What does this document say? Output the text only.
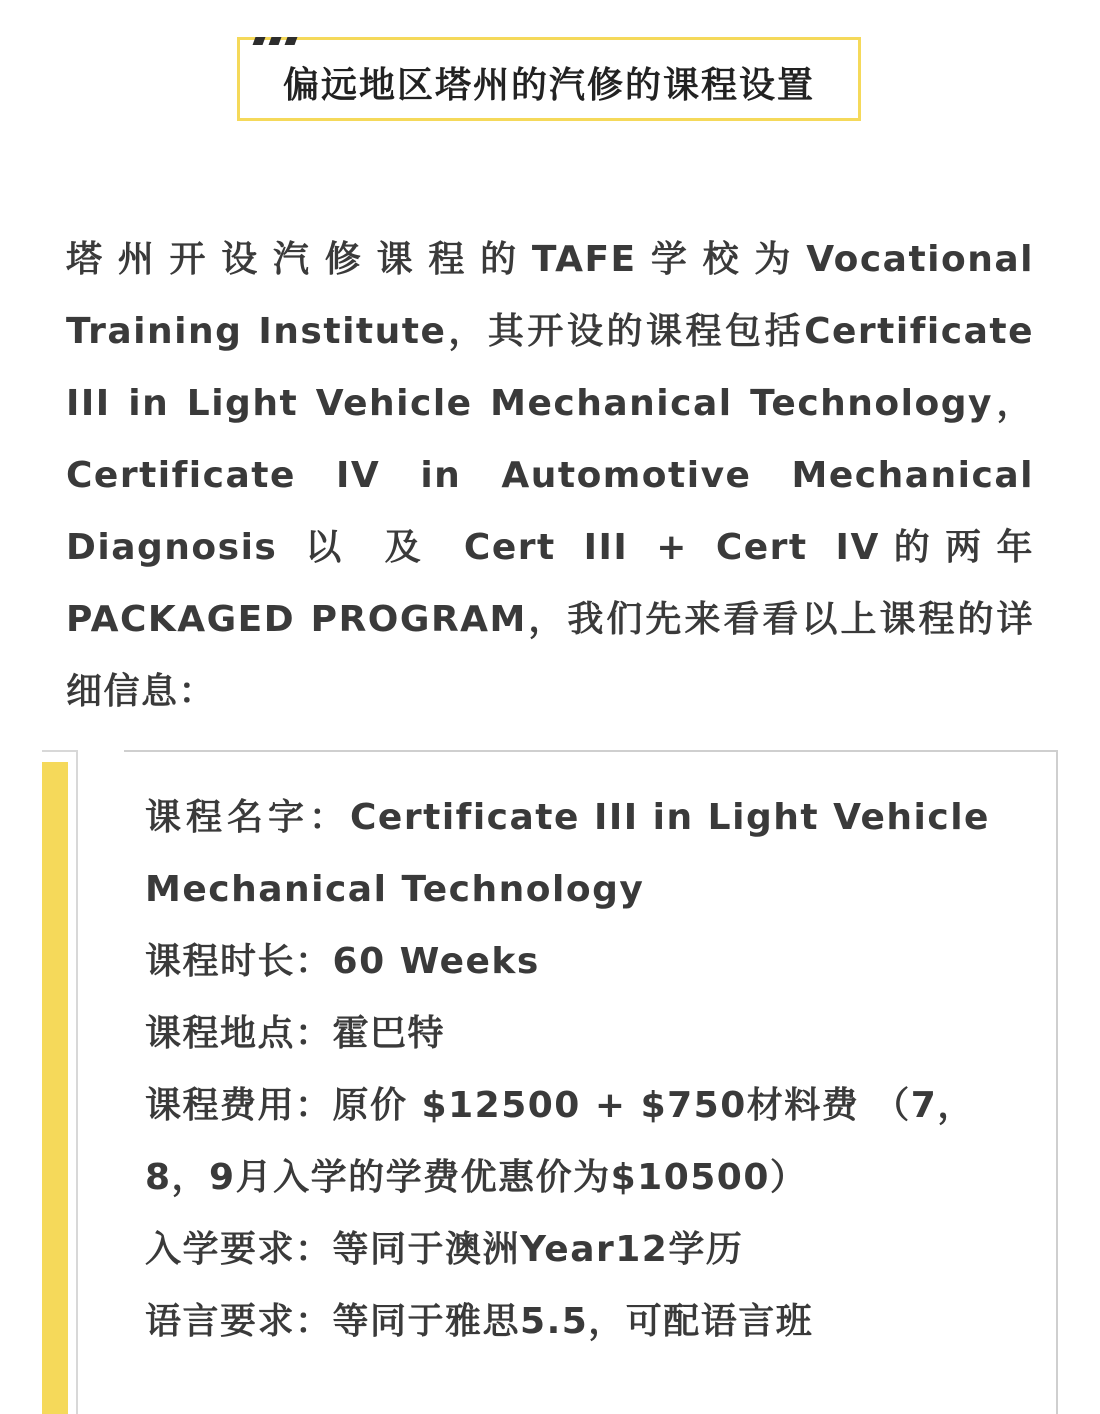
偏远地区塔州的汽修的课程设置
塔州开设汽修课程的TAFE学校为Vocational Training Institute，其开设的课程包括Certificate III in Light Vehicle Mechanical Technology， Certificate IV in Automotive Mechanical Diagnosis 以 及 Cert III + Cert IV的两年PACKAGED PROGRAM，我们先来看看以上课程的详细信息：
课程名字：Certificate III in Light Vehicle Mechanical Technology
课程时长：60 Weeks
课程地点：霍巴特
课程费用：原价 $12500 + $750材料费 （7，8，9月入学的学费优惠价为$10500）
入学要求：等同于澳洲Year12学历
语言要求：等同于雅思5.5，可配语言班
